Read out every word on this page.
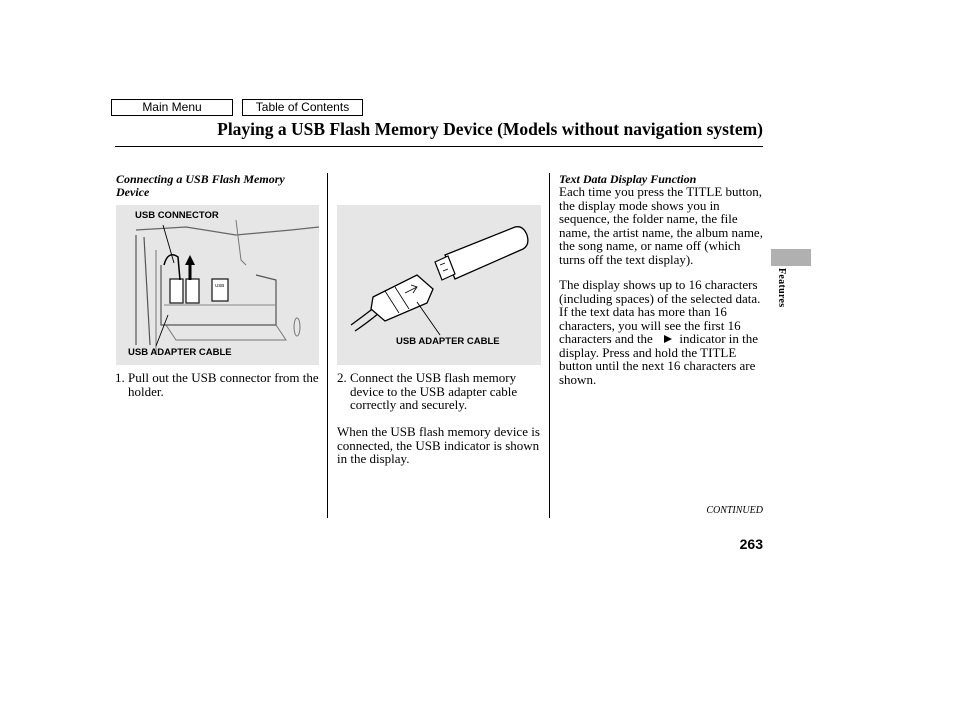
Main Menu	Table of Contents
Playing a USB Flash Memory Device (Models without navigation system)

Connecting a USB Flash Memory Device

USB
USB CONNECTOR
USB ADAPTER CABLE

1. Pull out the USB connector from the holder.

USB ADAPTER CABLE

2. Connect the USB flash memory device to the USB adapter cable correctly and securely.

When the USB flash memory device is connected, the USB indicator is shown in the display.

Text Data Display Function

Each time you press the TITLE button, the display mode shows you in sequence, the folder name, the file name, the artist name, the album name, the song name, or name off (which turns off the text display).

The display shows up to 16 characters (including spaces) of the selected data. If the text data has more than 16 characters, you will see the first 16 characters and the indicator in the display. Press and hold the TITLE button until the next 16 characters are shown.

Features
CONTINUED
263
